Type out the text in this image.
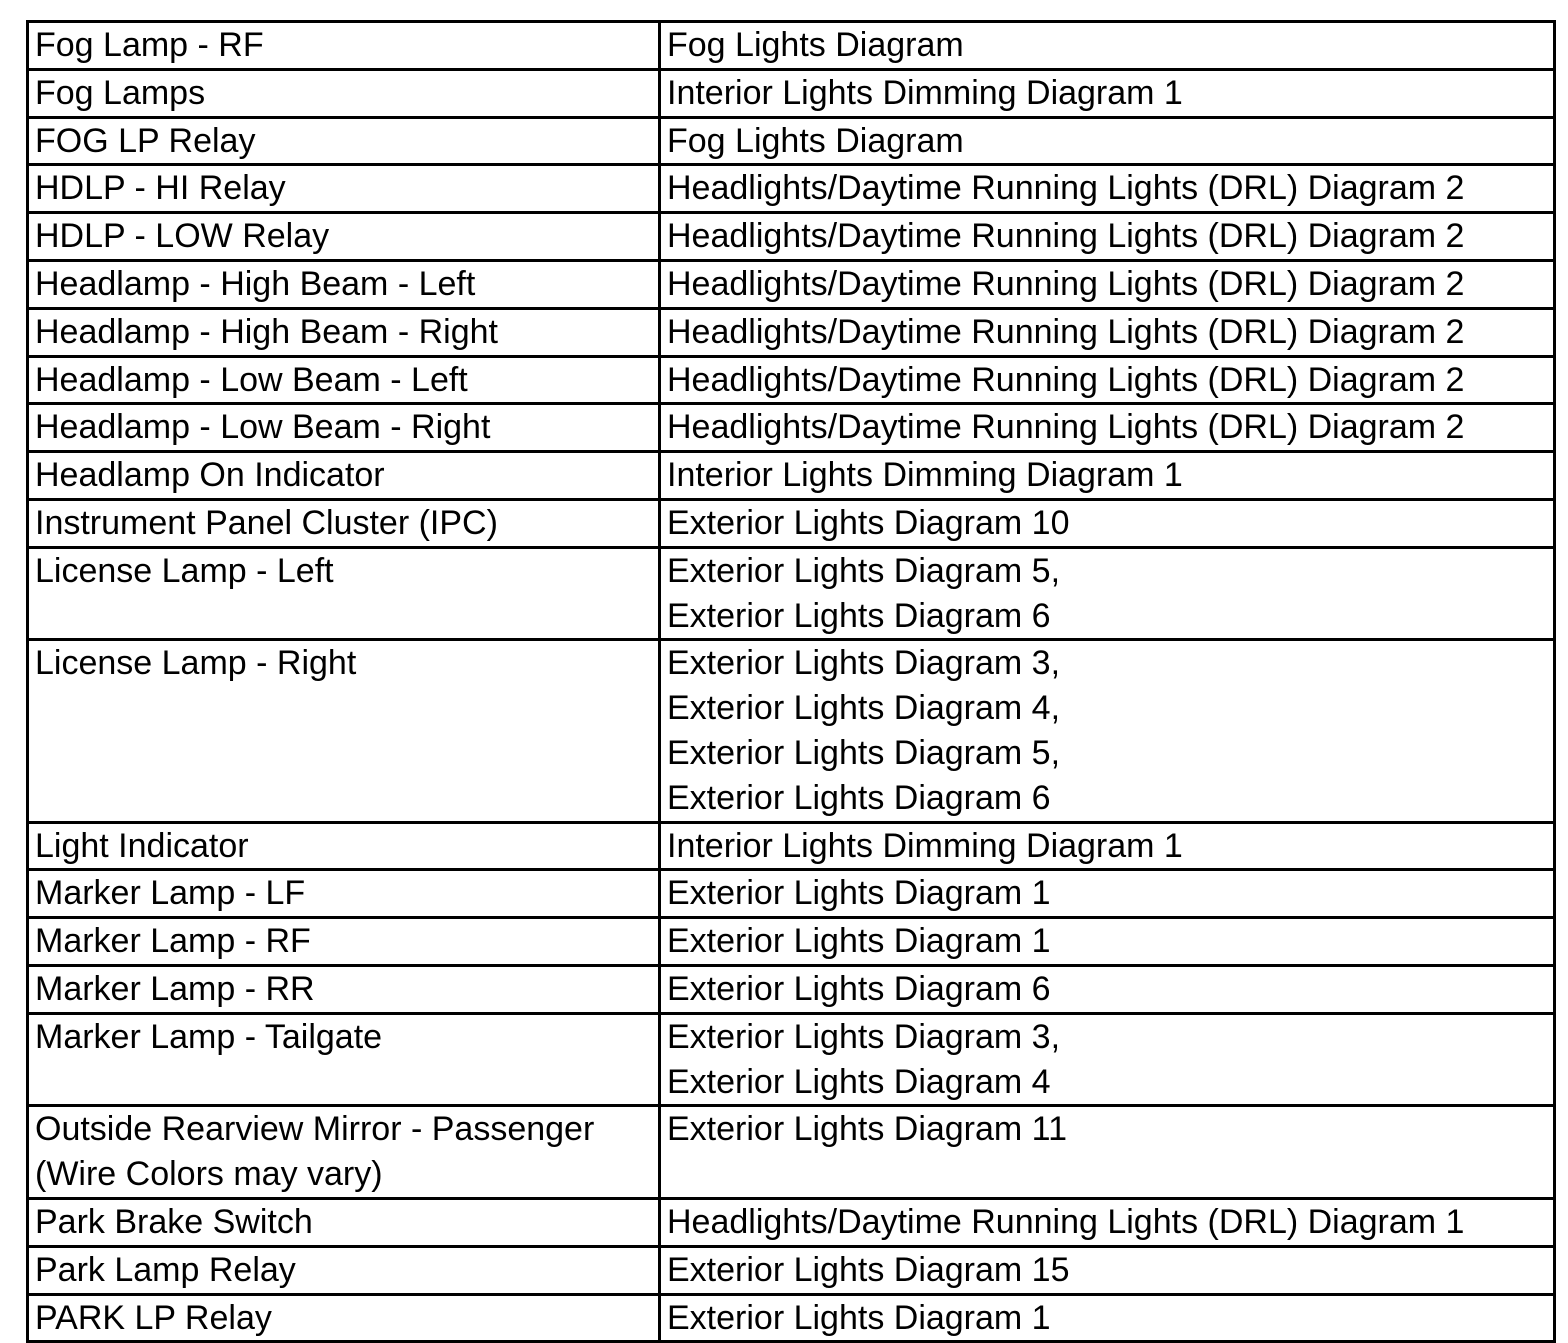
Fog Lamp - RF	Fog Lights Diagram

Fog Lamps	Interior Lights Dimming Diagram 1

FOG LP Relay	Fog Lights Diagram

HDLP - HI Relay	Headlights/Daytime Running Lights (DRL) Diagram 2

HDLP - LOW Relay	Headlights/Daytime Running Lights (DRL) Diagram 2

Headlamp - High Beam - Left	Headlights/Daytime Running Lights (DRL) Diagram 2

Headlamp - High Beam - Right	Headlights/Daytime Running Lights (DRL) Diagram 2

Headlamp - Low Beam - Left	Headlights/Daytime Running Lights (DRL) Diagram 2

Headlamp - Low Beam - Right	Headlights/Daytime Running Lights (DRL) Diagram 2

Headlamp On Indicator	Interior Lights Dimming Diagram 1

Instrument Panel Cluster (IPC)	Exterior Lights Diagram 10

License Lamp - Left	Exterior Lights Diagram 5,
Exterior Lights Diagram 6

License Lamp - Right	Exterior Lights Diagram 3,
Exterior Lights Diagram 4,
Exterior Lights Diagram 5,
Exterior Lights Diagram 6

Light Indicator	Interior Lights Dimming Diagram 1

Marker Lamp - LF	Exterior Lights Diagram 1

Marker Lamp - RF	Exterior Lights Diagram 1

Marker Lamp - RR	Exterior Lights Diagram 6

Marker Lamp - Tailgate	Exterior Lights Diagram 3,
Exterior Lights Diagram 4

Outside Rearview Mirror - Passenger
(Wire Colors may vary)	Exterior Lights Diagram 11

Park Brake Switch	Headlights/Daytime Running Lights (DRL) Diagram 1

Park Lamp Relay	Exterior Lights Diagram 15

PARK LP Relay	Exterior Lights Diagram 1
